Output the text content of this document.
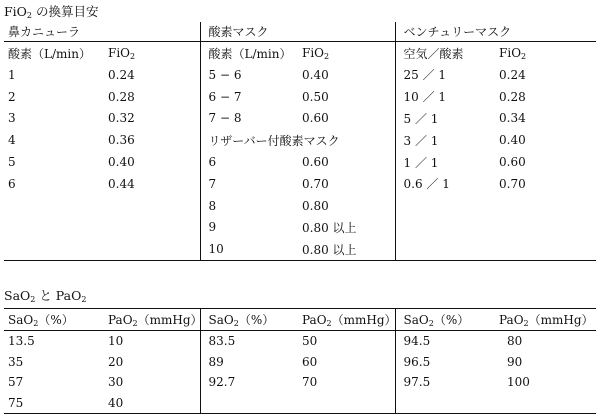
FiO$_2$ の換算目安
鼻カニューラ		酸素マスク		ベンチュリーマスク	
酸素（L/min）	FiO$_2$	酸素（L/min）	FiO$_2$	空気／酸素	FiO$_2$
1	0.24	5 − 6	0.40	25 ／ 1	0.24
2	0.28	6 − 7	0.50	10 ／ 1	0.28
3	0.32	7 − 8	0.60	5 ／ 1	0.34
4	0.36	リザーバー付酸素マスク		3 ／ 1	0.40
5	0.40	6	0.60	1 ／ 1	0.60
6	0.44	7	0.70	0.6 ／ 1	0.70
		8	0.80		
		9	0.80 以上		
		10	0.80 以上		
SaO$_2$ と PaO$_2$
SaO$_2$（%）	PaO$_2$（mmHg）	SaO$_2$（%）	PaO$_2$（mmHg）	SaO$_2$（%）	PaO$_2$（mmHg）
13.5	10	83.5	50	94.5	80
35	20	89	60	96.5	90
57	30	92.7	70	97.5	100
75	40				
